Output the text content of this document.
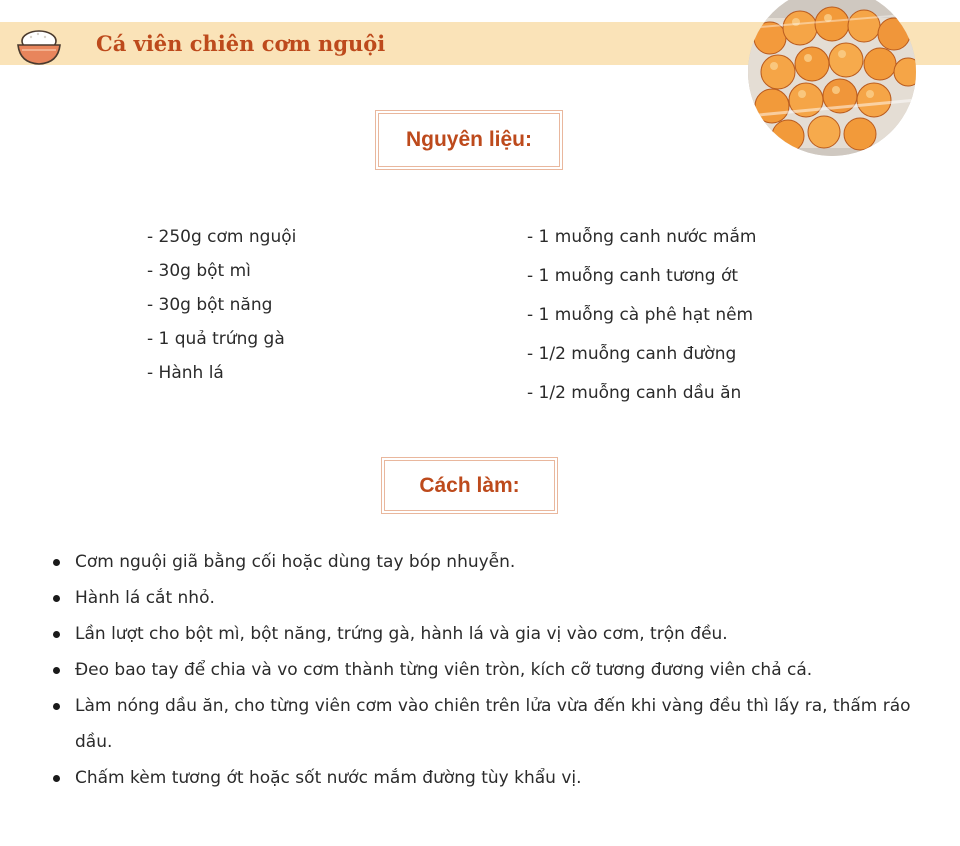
Cá viên chiên cơm nguội
Nguyên liệu:
- 250g cơm nguội
- 30g bột mì
- 30g bột năng
- 1 quả trứng gà
- Hành lá
- 1 muỗng canh nước mắm
- 1 muỗng canh tương ớt
- 1 muỗng cà phê hạt nêm
- 1/2 muỗng canh đường
- 1/2 muỗng canh dầu ăn
Cách làm:
Cơm nguội giã bằng cối hoặc dùng tay bóp nhuyễn.
Hành lá cắt nhỏ.
Lần lượt cho bột mì, bột năng, trứng gà, hành lá và gia vị vào cơm, trộn đều.
Đeo bao tay để chia và vo cơm thành từng viên tròn, kích cỡ tương đương viên chả cá.
Làm nóng dầu ăn, cho từng viên cơm vào chiên trên lửa vừa đến khi vàng đều thì lấy ra, thấm ráo dầu.
Chấm kèm tương ớt hoặc sốt nước mắm đường tùy khẩu vị.
